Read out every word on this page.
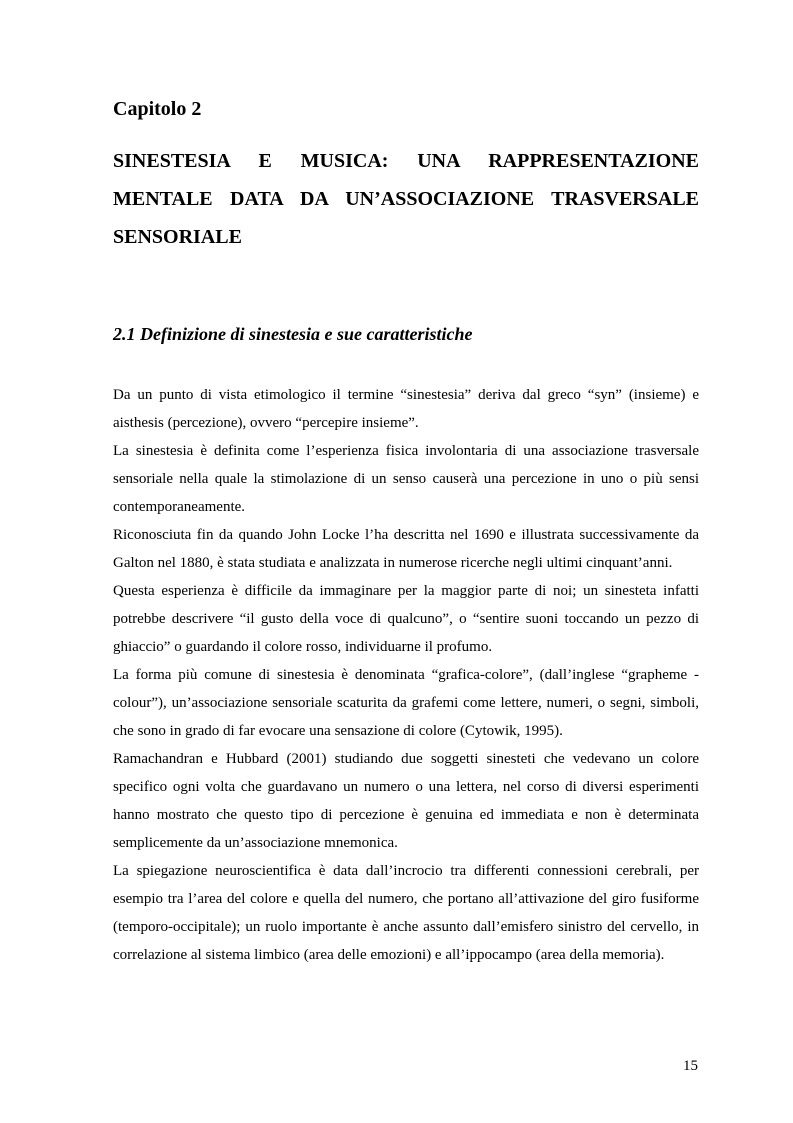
Capitolo 2
SINESTESIA E MUSICA: UNA RAPPRESENTAZIONE MENTALE DATA DA UN’ASSOCIAZIONE TRASVERSALE SENSORIALE
2.1 Definizione di sinestesia e sue caratteristiche

Da un punto di vista etimologico il termine “sinestesia” deriva dal greco “syn” (insieme) e aisthesis (percezione), ovvero “percepire insieme”.

La sinestesia è definita come l’esperienza fisica involontaria di una associazione trasversale sensoriale nella quale la stimolazione di un senso causerà una percezione in uno o più sensi contemporaneamente.

Riconosciuta fin da quando John Locke l’ha descritta nel 1690 e illustrata successivamente da Galton nel 1880, è stata studiata e analizzata in numerose ricerche negli ultimi cinquant’anni.

Questa esperienza è difficile da immaginare per la maggior parte di noi; un sinesteta infatti potrebbe descrivere “il gusto della voce di qualcuno”, o “sentire suoni toccando un pezzo di ghiaccio” o guardando il colore rosso, individuarne il profumo.

La forma più comune di sinestesia è denominata “grafica-colore”, (dall’inglese “grapheme -colour”), un’associazione sensoriale scaturita da grafemi come lettere, numeri, o segni, simboli, che sono in grado di far evocare una sensazione di colore (Cytowik, 1995).

Ramachandran e Hubbard (2001) studiando due soggetti sinesteti che vedevano un colore specifico ogni volta che guardavano un numero o una lettera, nel corso di diversi esperimenti hanno mostrato che questo tipo di percezione è genuina ed immediata e non è determinata semplicemente da un’associazione mnemonica.

La spiegazione neuroscientifica è data dall’incrocio tra differenti connessioni cerebrali, per esempio tra l’area del colore e quella del numero, che portano all’attivazione del giro fusiforme (temporo-occipitale); un ruolo importante è anche assunto dall’emisfero sinistro del cervello, in correlazione al sistema limbico (area delle emozioni) e all’ippocampo (area della memoria).

15
